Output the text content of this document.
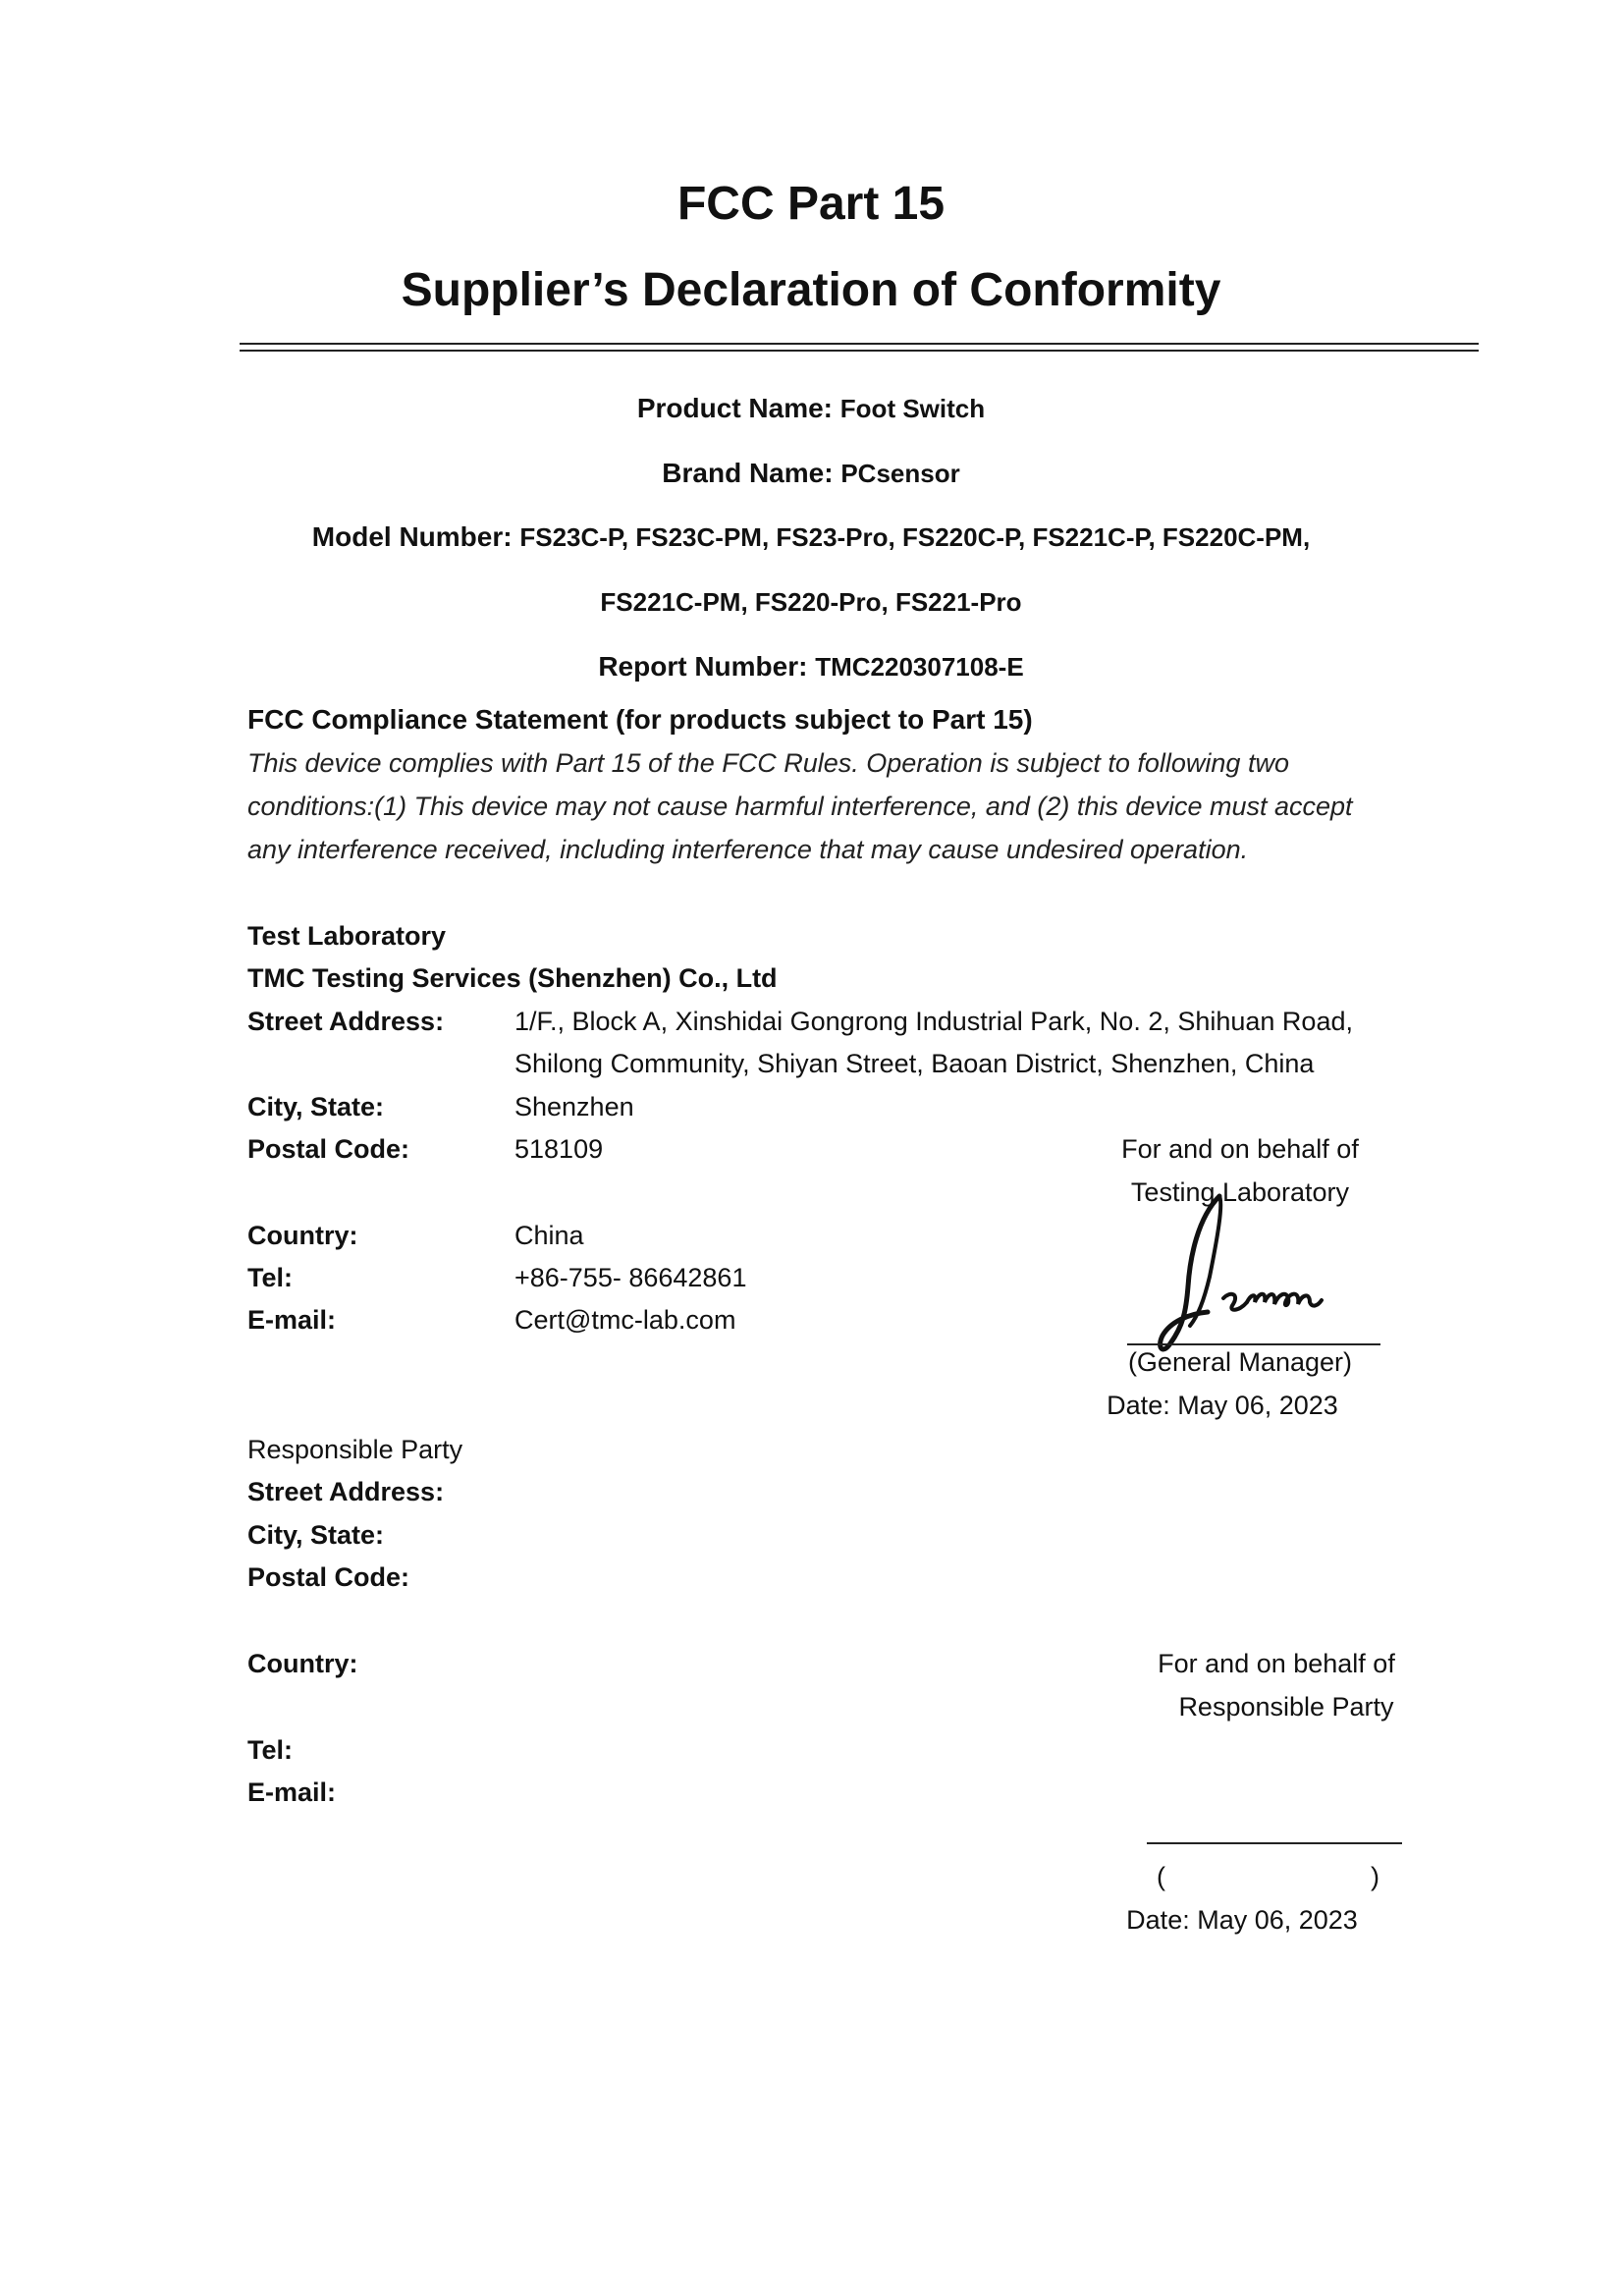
FCC Part 15
Supplier’s Declaration of Conformity
Product Name: Foot Switch
Brand Name: PCsensor
Model Number: FS23C-P, FS23C-PM, FS23-Pro, FS220C-P, FS221C-P, FS220C-PM,
FS221C-PM, FS220-Pro, FS221-Pro
Report Number: TMC220307108-E
FCC Compliance Statement (for products subject to Part 15)
This device complies with Part 15 of the FCC Rules. Operation is subject to following two
conditions:(1) This device may not cause harmful interference, and (2) this device must accept
any interference received, including interference that may cause undesired operation.
Test Laboratory
TMC Testing Services (Shenzhen) Co., Ltd
Street Address:	1/F., Block A, Xinshidai Gongrong Industrial Park, No. 2, Shihuan Road,
Shilong Community, Shiyan Street, Baoan District, Shenzhen, China
City, State:	Shenzhen
Postal Code:	518109
Country:	China
Tel:	+86-755- 86642861
E-mail:	Cert@tmc-lab.com
For and on behalf of
Testing Laboratory
(General Manager)
Date: May 06, 2023
Responsible Party
Street Address:
City, State:
Postal Code:
Country:
Tel:
E-mail:
For and on behalf of
Responsible Party
(	)
Date: May 06, 2023
